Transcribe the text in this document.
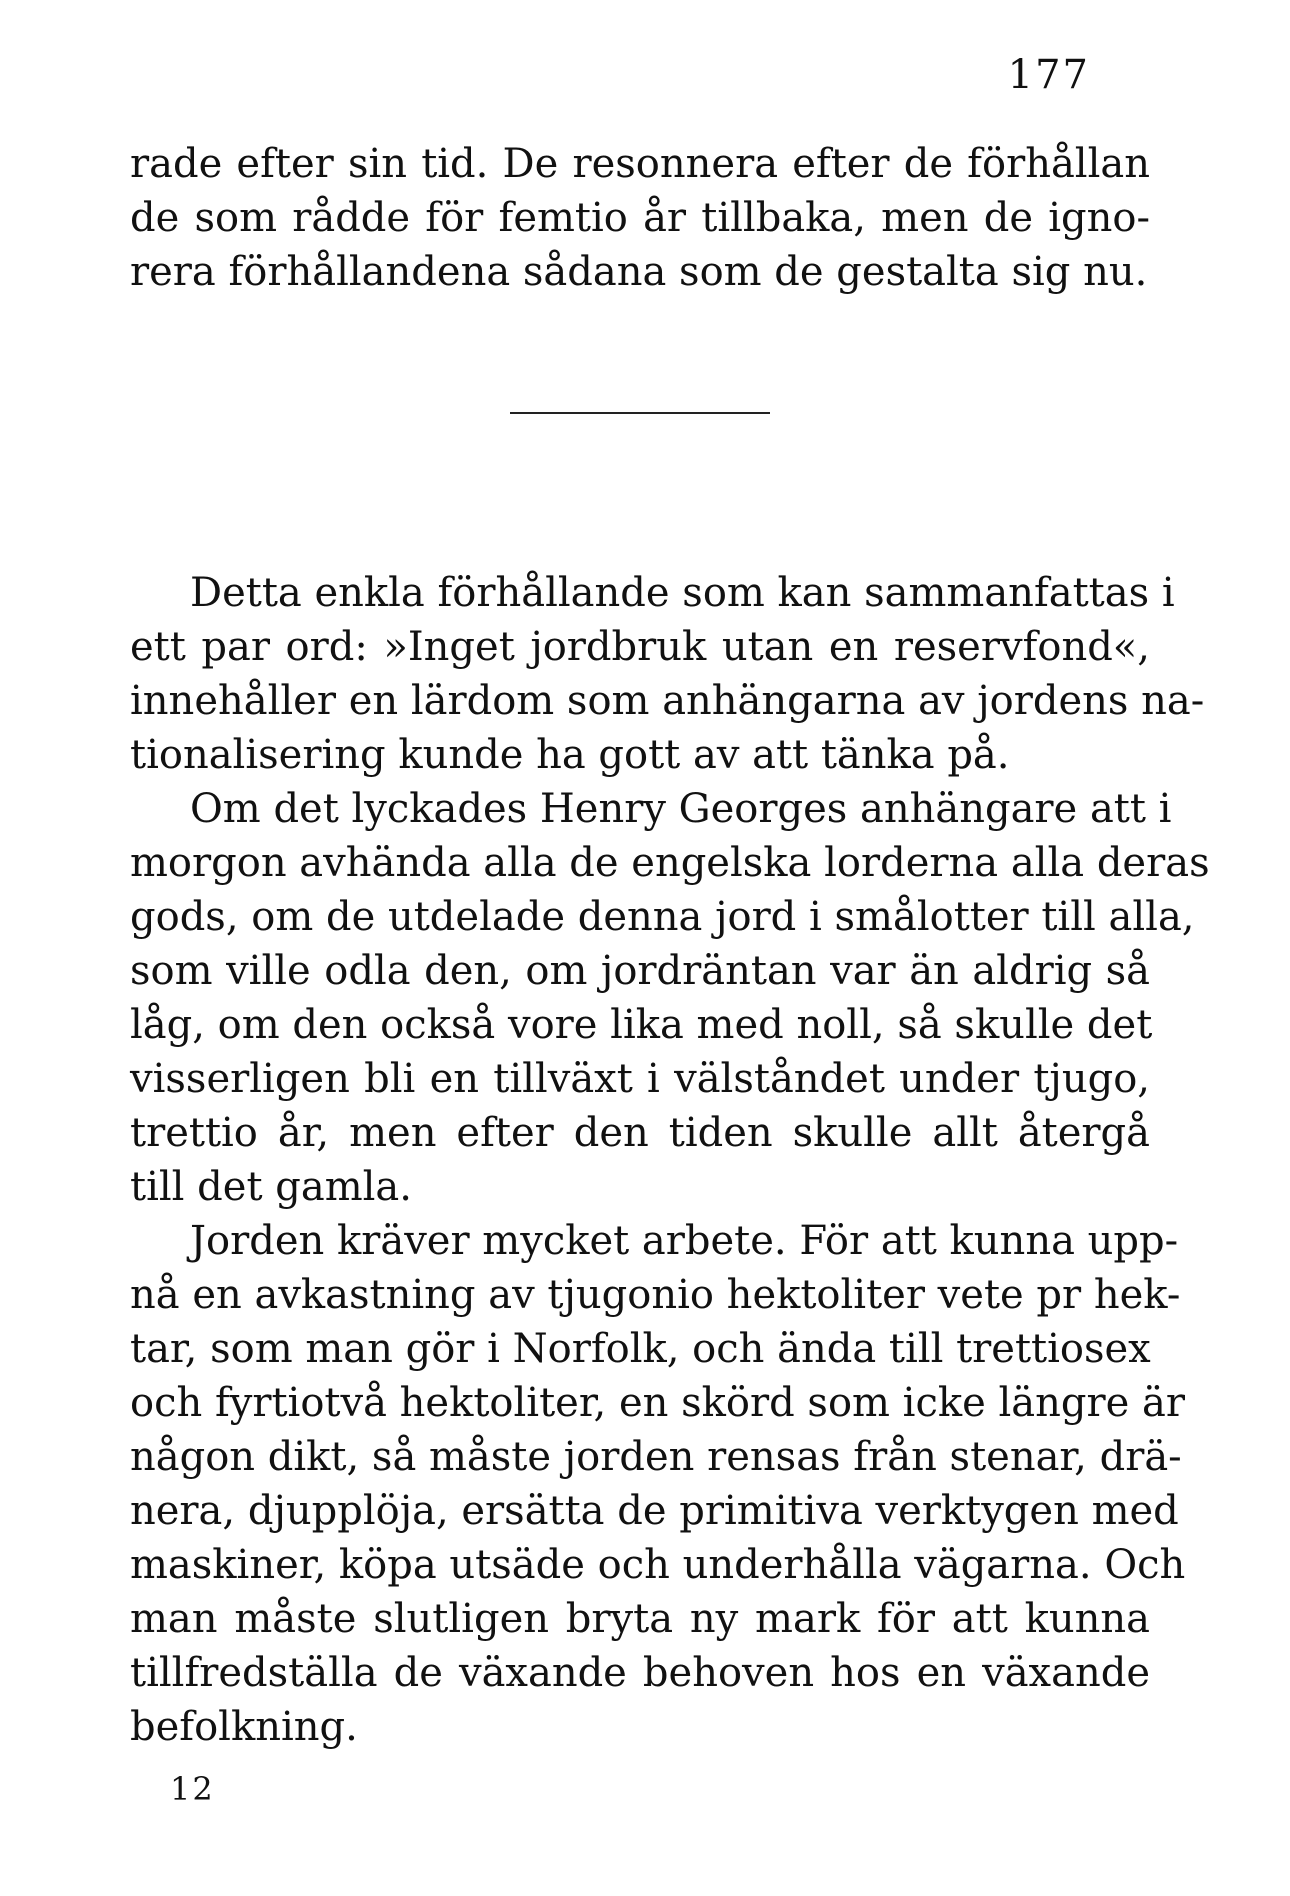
177
rade efter sin tid. De resonnera efter de förhållan
de som rådde för femtio år tillbaka, men de igno-
rera förhållandena sådana som de gestalta sig nu.
Detta enkla förhållande som kan sammanfattas i
ett par ord: »Inget jordbruk utan en reservfond«,
innehåller en lärdom som anhängarna av jordens na-
tionalisering kunde ha gott av att tänka på.
Om det lyckades Henry Georges anhängare att i
morgon avhända alla de engelska lorderna alla deras
gods, om de utdelade denna jord i smålotter till alla,
som ville odla den, om jordräntan var än aldrig så
låg, om den också vore lika med noll, så skulle det
visserligen bli en tillväxt i välståndet under tjugo,
trettio år, men efter den tiden skulle allt återgå
till det gamla.
Jorden kräver mycket arbete. För att kunna upp-
nå en avkastning av tjugonio hektoliter vete pr hek-
tar, som man gör i Norfolk, och ända till trettiosex
och fyrtiotvå hektoliter, en skörd som icke längre är
någon dikt, så måste jorden rensas från stenar, drä-
nera, djupplöja, ersätta de primitiva verktygen med
maskiner, köpa utsäde och underhålla vägarna. Och
man måste slutligen bryta ny mark för att kunna
tillfredställa de växande behoven hos en växande
befolkning.
12
